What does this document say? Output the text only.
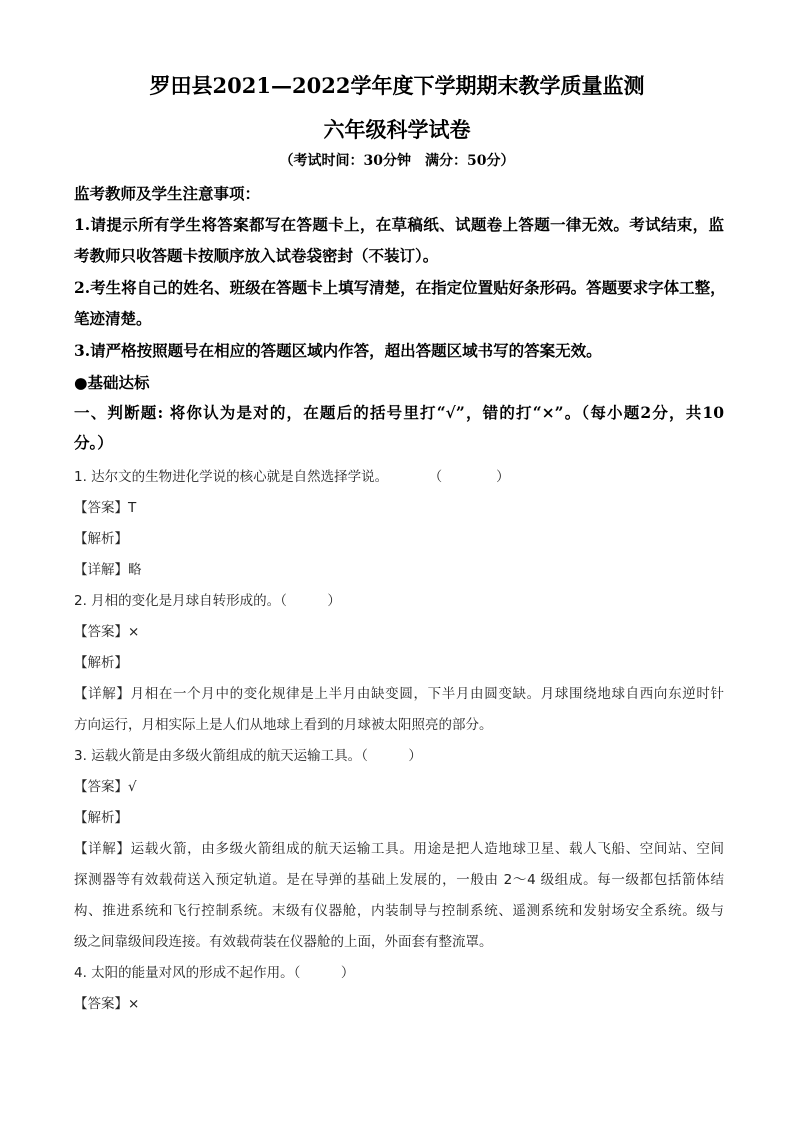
罗田县2021—2022学年度下学期期末教学质量监测
六年级科学试卷
（考试时间：30分钟　满分：50分）
监考教师及学生注意事项：
1.请提示所有学生将答案都写在答题卡上，在草稿纸、试题卷上答题一律无效。考试结束，监
考教师只收答题卡按顺序放入试卷袋密封（不装订）。
2.考生将自己的姓名、班级在答题卡上填写清楚，在指定位置贴好条形码。答题要求字体工整，
笔迹清楚。
3.请严格按照题号在相应的答题区域内作答，超出答题区域书写的答案无效。
●基础达标
一、判断题: 将你认为是对的，在题后的括号里打“√”，错的打“×”。（每小题2分，共10
分。）
1. 达尔文的生物进化学说的核心就是自然选择学说。　　　　（　　　　）
【答案】T
【解析】
【详解】略
2. 月相的变化是月球自转形成的。（　　　）
【答案】×
【解析】
【详解】月相在一个月中的变化规律是上半月由缺变圆，下半月由圆变缺。月球围绕地球自西向东逆时针
方向运行，月相实际上是人们从地球上看到的月球被太阳照亮的部分。
3. 运载火箭是由多级火箭组成的航天运输工具。（　　　）
【答案】√
【解析】
【详解】运载火箭，由多级火箭组成的航天运输工具。用途是把人造地球卫星、载人飞船、空间站、空间
探测器等有效载荷送入预定轨道。是在导弹的基础上发展的，一般由 2～4 级组成。每一级都包括箭体结
构、推进系统和飞行控制系统。末级有仪器舱，内装制导与控制系统、遥测系统和发射场安全系统。级与
级之间靠级间段连接。有效载荷装在仪器舱的上面，外面套有整流罩。
4. 太阳的能量对风的形成不起作用。（　　　）
【答案】×
